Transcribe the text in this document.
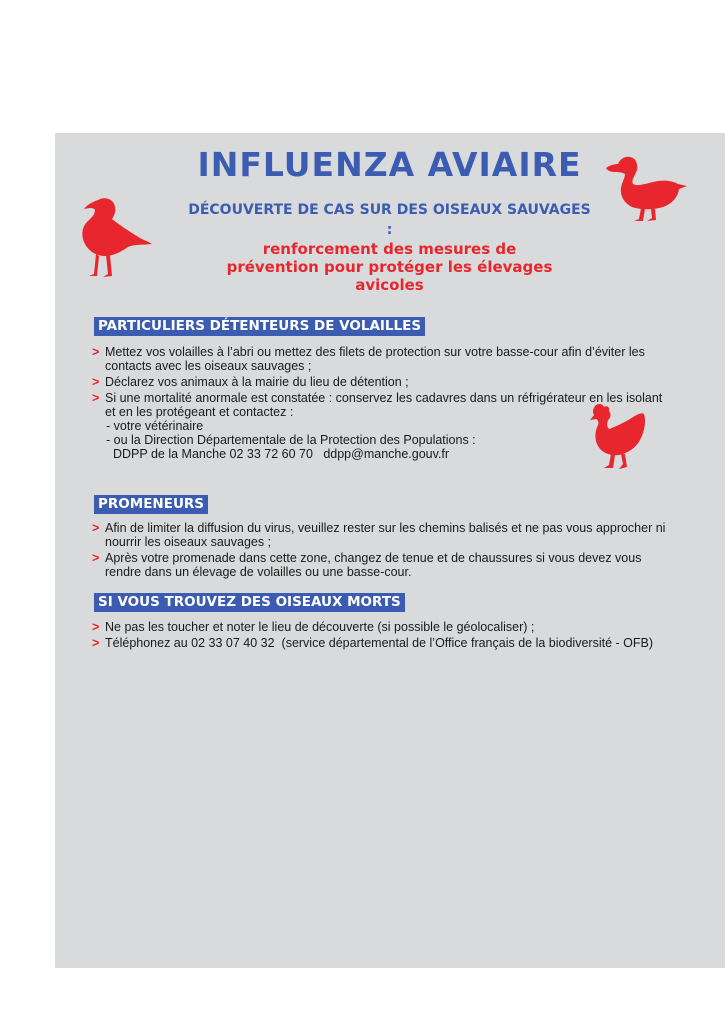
INFLUENZA AVIAIRE
DÉCOUVERTE DE CAS SUR DES OISEAUX SAUVAGES
:
renforcement des mesures de
prévention pour protéger les élevages
avicoles
PARTICULIERS DÉTENTEURS DE VOLAILLES
> Mettez vos volailles à l’abri ou mettez des filets de protection sur votre basse-cour afin d’éviter les contacts avec les oiseaux sauvages ;
> Déclarez vos animaux à la mairie du lieu de détention ;
> Si une mortalité anormale est constatée : conservez les cadavres dans un réfrigérateur en les isolant et en les protégeant et contactez :
- votre vétérinaire
- ou la Direction Départementale de la Protection des Populations :
DDPP de la Manche 02 33 72 60 70   ddpp@manche.gouv.fr
PROMENEURS
> Afin de limiter la diffusion du virus, veuillez rester sur les chemins balisés et ne pas vous approcher ni nourrir les oiseaux sauvages ;
> Après votre promenade dans cette zone, changez de tenue et de chaussures si vous devez vous rendre dans un élevage de volailles ou une basse-cour.
SI VOUS TROUVEZ DES OISEAUX MORTS
> Ne pas les toucher et noter le lieu de découverte (si possible le géolocaliser) ;
> Téléphonez au 02 33 07 40 32  (service départemental de l’Office français de la biodiversité - OFB)
